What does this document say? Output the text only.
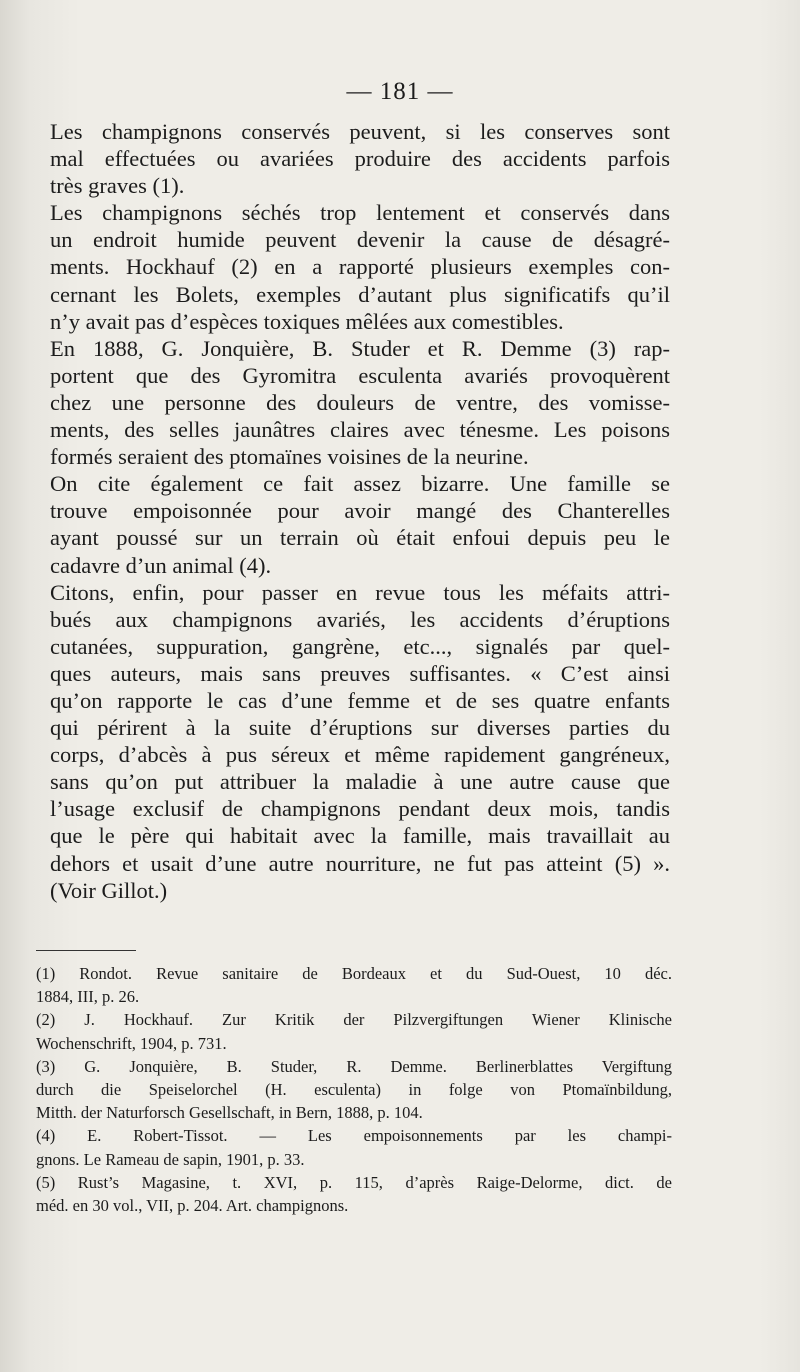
— 181 —

Les champignons conservés peuvent, si les conserves sont
mal effectuées ou avariées produire des accidents parfois
très graves (1).

Les champignons séchés trop lentement et conservés dans
un endroit humide peuvent devenir la cause de désagré-
ments. Hockhauf (2) en a rapporté plusieurs exemples con-
cernant les Bolets, exemples d’autant plus significatifs qu’il
n’y avait pas d’espèces toxiques mêlées aux comestibles.

En 1888, G. Jonquière, B. Studer et R. Demme (3) rap-
portent que des Gyromitra esculenta avariés provoquèrent
chez une personne des douleurs de ventre, des vomisse-
ments, des selles jaunâtres claires avec ténesme. Les poisons
formés seraient des ptomaïnes voisines de la neurine.

On cite également ce fait assez bizarre. Une famille se
trouve empoisonnée pour avoir mangé des Chanterelles
ayant poussé sur un terrain où était enfoui depuis peu le
cadavre d’un animal (4).

Citons, enfin, pour passer en revue tous les méfaits attri-
bués aux champignons avariés, les accidents d’éruptions
cutanées, suppuration, gangrène, etc..., signalés par quel-
ques auteurs, mais sans preuves suffisantes. « C’est ainsi
qu’on rapporte le cas d’une femme et de ses quatre enfants
qui périrent à la suite d’éruptions sur diverses parties du
corps, d’abcès à pus séreux et même rapidement gangréneux,
sans qu’on put attribuer la maladie à une autre cause que
l’usage exclusif de champignons pendant deux mois, tandis
que le père qui habitait avec la famille, mais travaillait au
dehors et usait d’une autre nourriture, ne fut pas atteint (5) ».
(Voir Gillot.)

(1) Rondot. Revue sanitaire de Bordeaux et du Sud-Ouest, 10 déc.
1884, III, p. 26.
(2) J. Hockhauf. Zur Kritik der Pilzvergiftungen Wiener Klinische
Wochenschrift, 1904, p. 731.
(3) G. Jonquière, B. Studer, R. Demme. Berlinerblattes Vergiftung
durch die Speiselorchel (H. esculenta) in folge von Ptomaïnbildung,
Mitth. der Naturforsch Gesellschaft, in Bern, 1888, p. 104.
(4) E. Robert-Tissot. — Les empoisonnements par les champi-
gnons. Le Rameau de sapin, 1901, p. 33.
(5) Rust’s Magasine, t. XVI, p. 115, d’après Raige-Delorme, dict. de
méd. en 30 vol., VII, p. 204. Art. champignons.
